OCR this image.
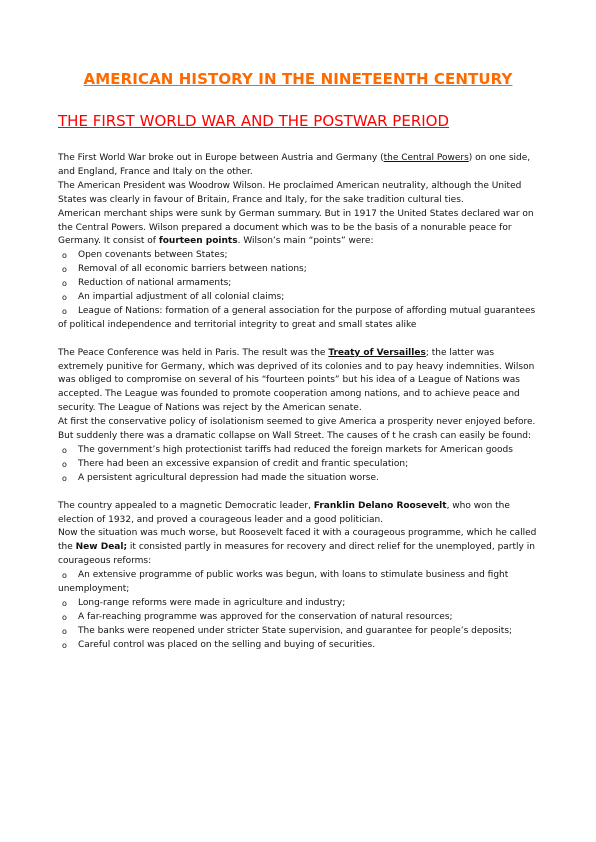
AMERICAN HISTORY IN THE NINETEENTH CENTURY
THE FIRST WORLD WAR AND THE POSTWAR PERIOD

The First World War broke out in Europe between Austria and Germany (the Central Powers) on one side, and England, France and Italy on the other.

The American President was Woodrow Wilson. He proclaimed American neutrality, although the United States was clearly in favour of Britain, France and Italy, for the sake tradition cultural ties.

American merchant ships were sunk by German summary. But in 1917 the United States declared war on the Central Powers. Wilson prepared a document which was to be the basis of a nonurable peace for Germany. It consist of fourteen points. Wilson’s main “points” were:

o Open covenants between States;
o Removal of all economic barriers between nations;
o Reduction of national armaments;
o An impartial adjustment of all colonial claims;
o League of Nations: formation of a general association for the purpose of affording mutual guarantees of political independence and territorial integrity to great and small states alike

The Peace Conference was held in Paris. The result was the Treaty of Versailles; the latter was extremely punitive for Germany, which was deprived of its colonies and to pay heavy indemnities. Wilson was obliged to compromise on several of his “fourteen points” but his idea of a League of Nations was accepted. The League was founded to promote cooperation among nations, and to achieve peace and security. The League of Nations was reject by the American senate.

At first the conservative policy of isolationism seemed to give America a prosperity never enjoyed before. But suddenly there was a dramatic collapse on Wall Street. The causes of t he crash can easily be found:

o The government’s high protectionist tariffs had reduced the foreign markets for American goods
o There had been an excessive expansion of credit and frantic speculation;
o A persistent agricultural depression had made the situation worse.

The country appealed to a magnetic Democratic leader, Franklin Delano Roosevelt, who won the election of 1932, and proved a courageous leader and a good politician.

Now the situation was much worse, but Roosevelt faced it with a courageous programme, which he called the New Deal; it consisted partly in measures for recovery and direct relief for the unemployed, partly in courageous reforms:

o An extensive programme of public works was begun, with loans to stimulate business and fight unemployment;
o Long-range reforms were made in agriculture and industry;
o A far-reaching programme was approved for the conservation of natural resources;
o The banks were reopened under stricter State supervision, and guarantee for people’s deposits;
o Careful control was placed on the selling and buying of securities.
